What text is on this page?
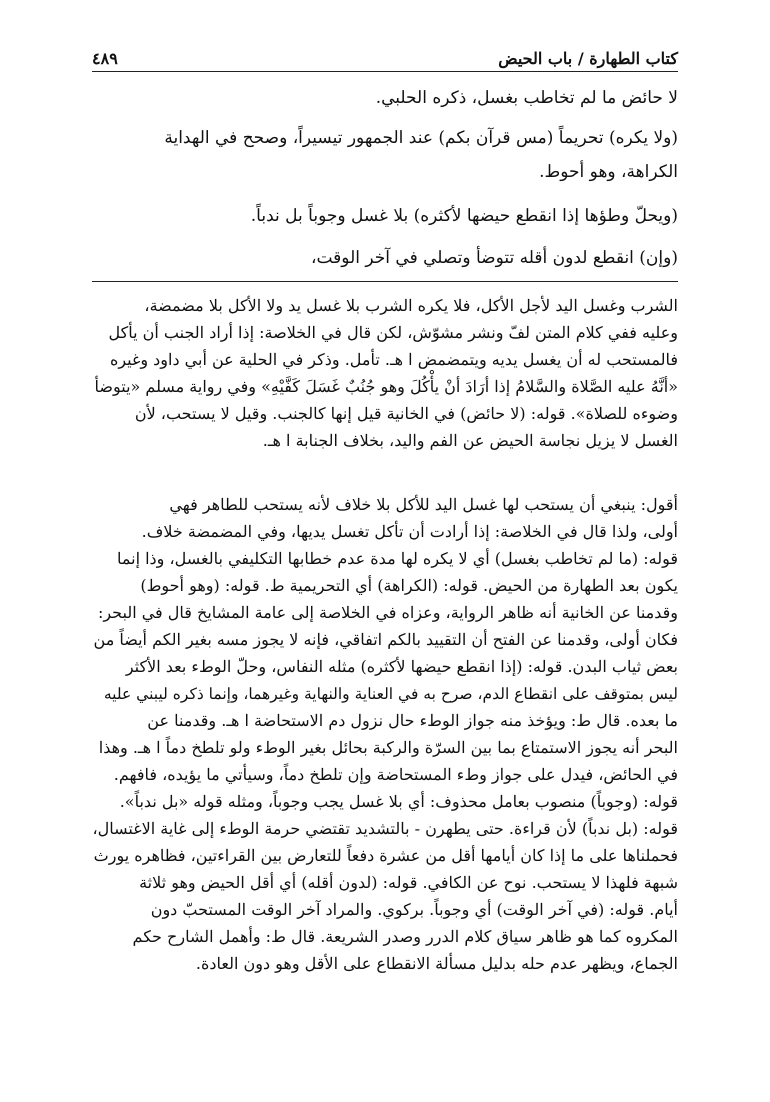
كتاب الطهارة / باب الحيض
٤٨٩
لا حائض ما لم تخاطب بغسل، ذكره الحلبي.
(ولا يكره) تحريماً (مس قرآن بكم) عند الجمهور تيسيراً، وصحح في الهداية
الكراهة، وهو أحوط.
(ويحلّ وطؤها إذا انقطع حيضها لأكثره) بلا غسل وجوباً بل ندباً.
(وإن) انقطع لدون أقله تتوضأ وتصلي في آخر الوقت،
الشرب وغسل اليد لأجل الأكل، فلا يكره الشرب بلا غسل يد ولا الأكل بلا مضمضة،
وعليه ففي كلام المتن لفّ ونشر مشوّش، لكن قال في الخلاصة: إذا أراد الجنب أن يأكل
فالمستحب له أن يغسل يديه ويتمضمض ا هـ. تأمل. وذكر في الحلية عن أبي داود وغيره
«أنَّهُ عليه الصَّلاة والسَّلامُ إذا أرَادَ أنْ يأْكُلَ وهو جُنُبٌ غَسَلَ كَفَّيْهِ» وفي رواية مسلم «يتوضأ
وضوءه للصلاة». قوله: (لا حائض) في الخانية قيل إنها كالجنب. وقيل لا يستحب، لأن
الغسل لا يزيل نجاسة الحيض عن الفم واليد، بخلاف الجنابة ا هـ.
أقول: ينبغي أن يستحب لها غسل اليد للأكل بلا خلاف لأنه يستحب للطاهر فهي
أولى، ولذا قال في الخلاصة: إذا أرادت أن تأكل تغسل يديها، وفي المضمضة خلاف.
قوله: (ما لم تخاطب بغسل) أي لا يكره لها مدة عدم خطابها التكليفي بالغسل، وذا إنما
يكون بعد الطهارة من الحيض. قوله: (الكراهة) أي التحريمية ط. قوله: (وهو أحوط)
وقدمنا عن الخانية أنه ظاهر الرواية، وعزاه في الخلاصة إلى عامة المشايخ قال في البحر:
فكان أولى، وقدمنا عن الفتح أن التقييد بالكم اتفاقي، فإنه لا يجوز مسه بغير الكم أيضاً من
بعض ثياب البدن. قوله: (إذا انقطع حيضها لأكثره) مثله النفاس، وحلّ الوطء بعد الأكثر
ليس بمتوقف على انقطاع الدم، صرح به في العناية والنهاية وغيرهما، وإنما ذكره ليبني عليه
ما بعده. قال ط: ويؤخذ منه جواز الوطء حال نزول دم الاستحاضة ا هـ. وقدمنا عن
البحر أنه يجوز الاستمتاع بما بين السرّة والركبة بحائل بغير الوطء ولو تلطخ دماً ا هـ. وهذا
في الحائض، فيدل على جواز وطء المستحاضة وإن تلطخ دماً، وسيأتي ما يؤيده، فافهم.
قوله: (وجوباً) منصوب بعامل محذوف: أي بلا غسل يجب وجوباً، ومثله قوله «بل ندباً».
قوله: (بل ندباً) لأن قراءة. حتى يطهرن - بالتشديد تقتضي حرمة الوطء إلى غاية الاغتسال،
فحملناها على ما إذا كان أيامها أقل من عشرة دفعاً للتعارض بين القراءتين، فظاهره يورث
شبهة فلهذا لا يستحب. نوح عن الكافي. قوله: (لدون أقله) أي أقل الحيض وهو ثلاثة
أيام. قوله: (في آخر الوقت) أي وجوباً. بركوي. والمراد آخر الوقت المستحبّ دون
المكروه كما هو ظاهر سياق كلام الدرر وصدر الشريعة. قال ط: وأهمل الشارح حكم
الجماع، ويظهر عدم حله بدليل مسألة الانقطاع على الأقل وهو دون العادة.
